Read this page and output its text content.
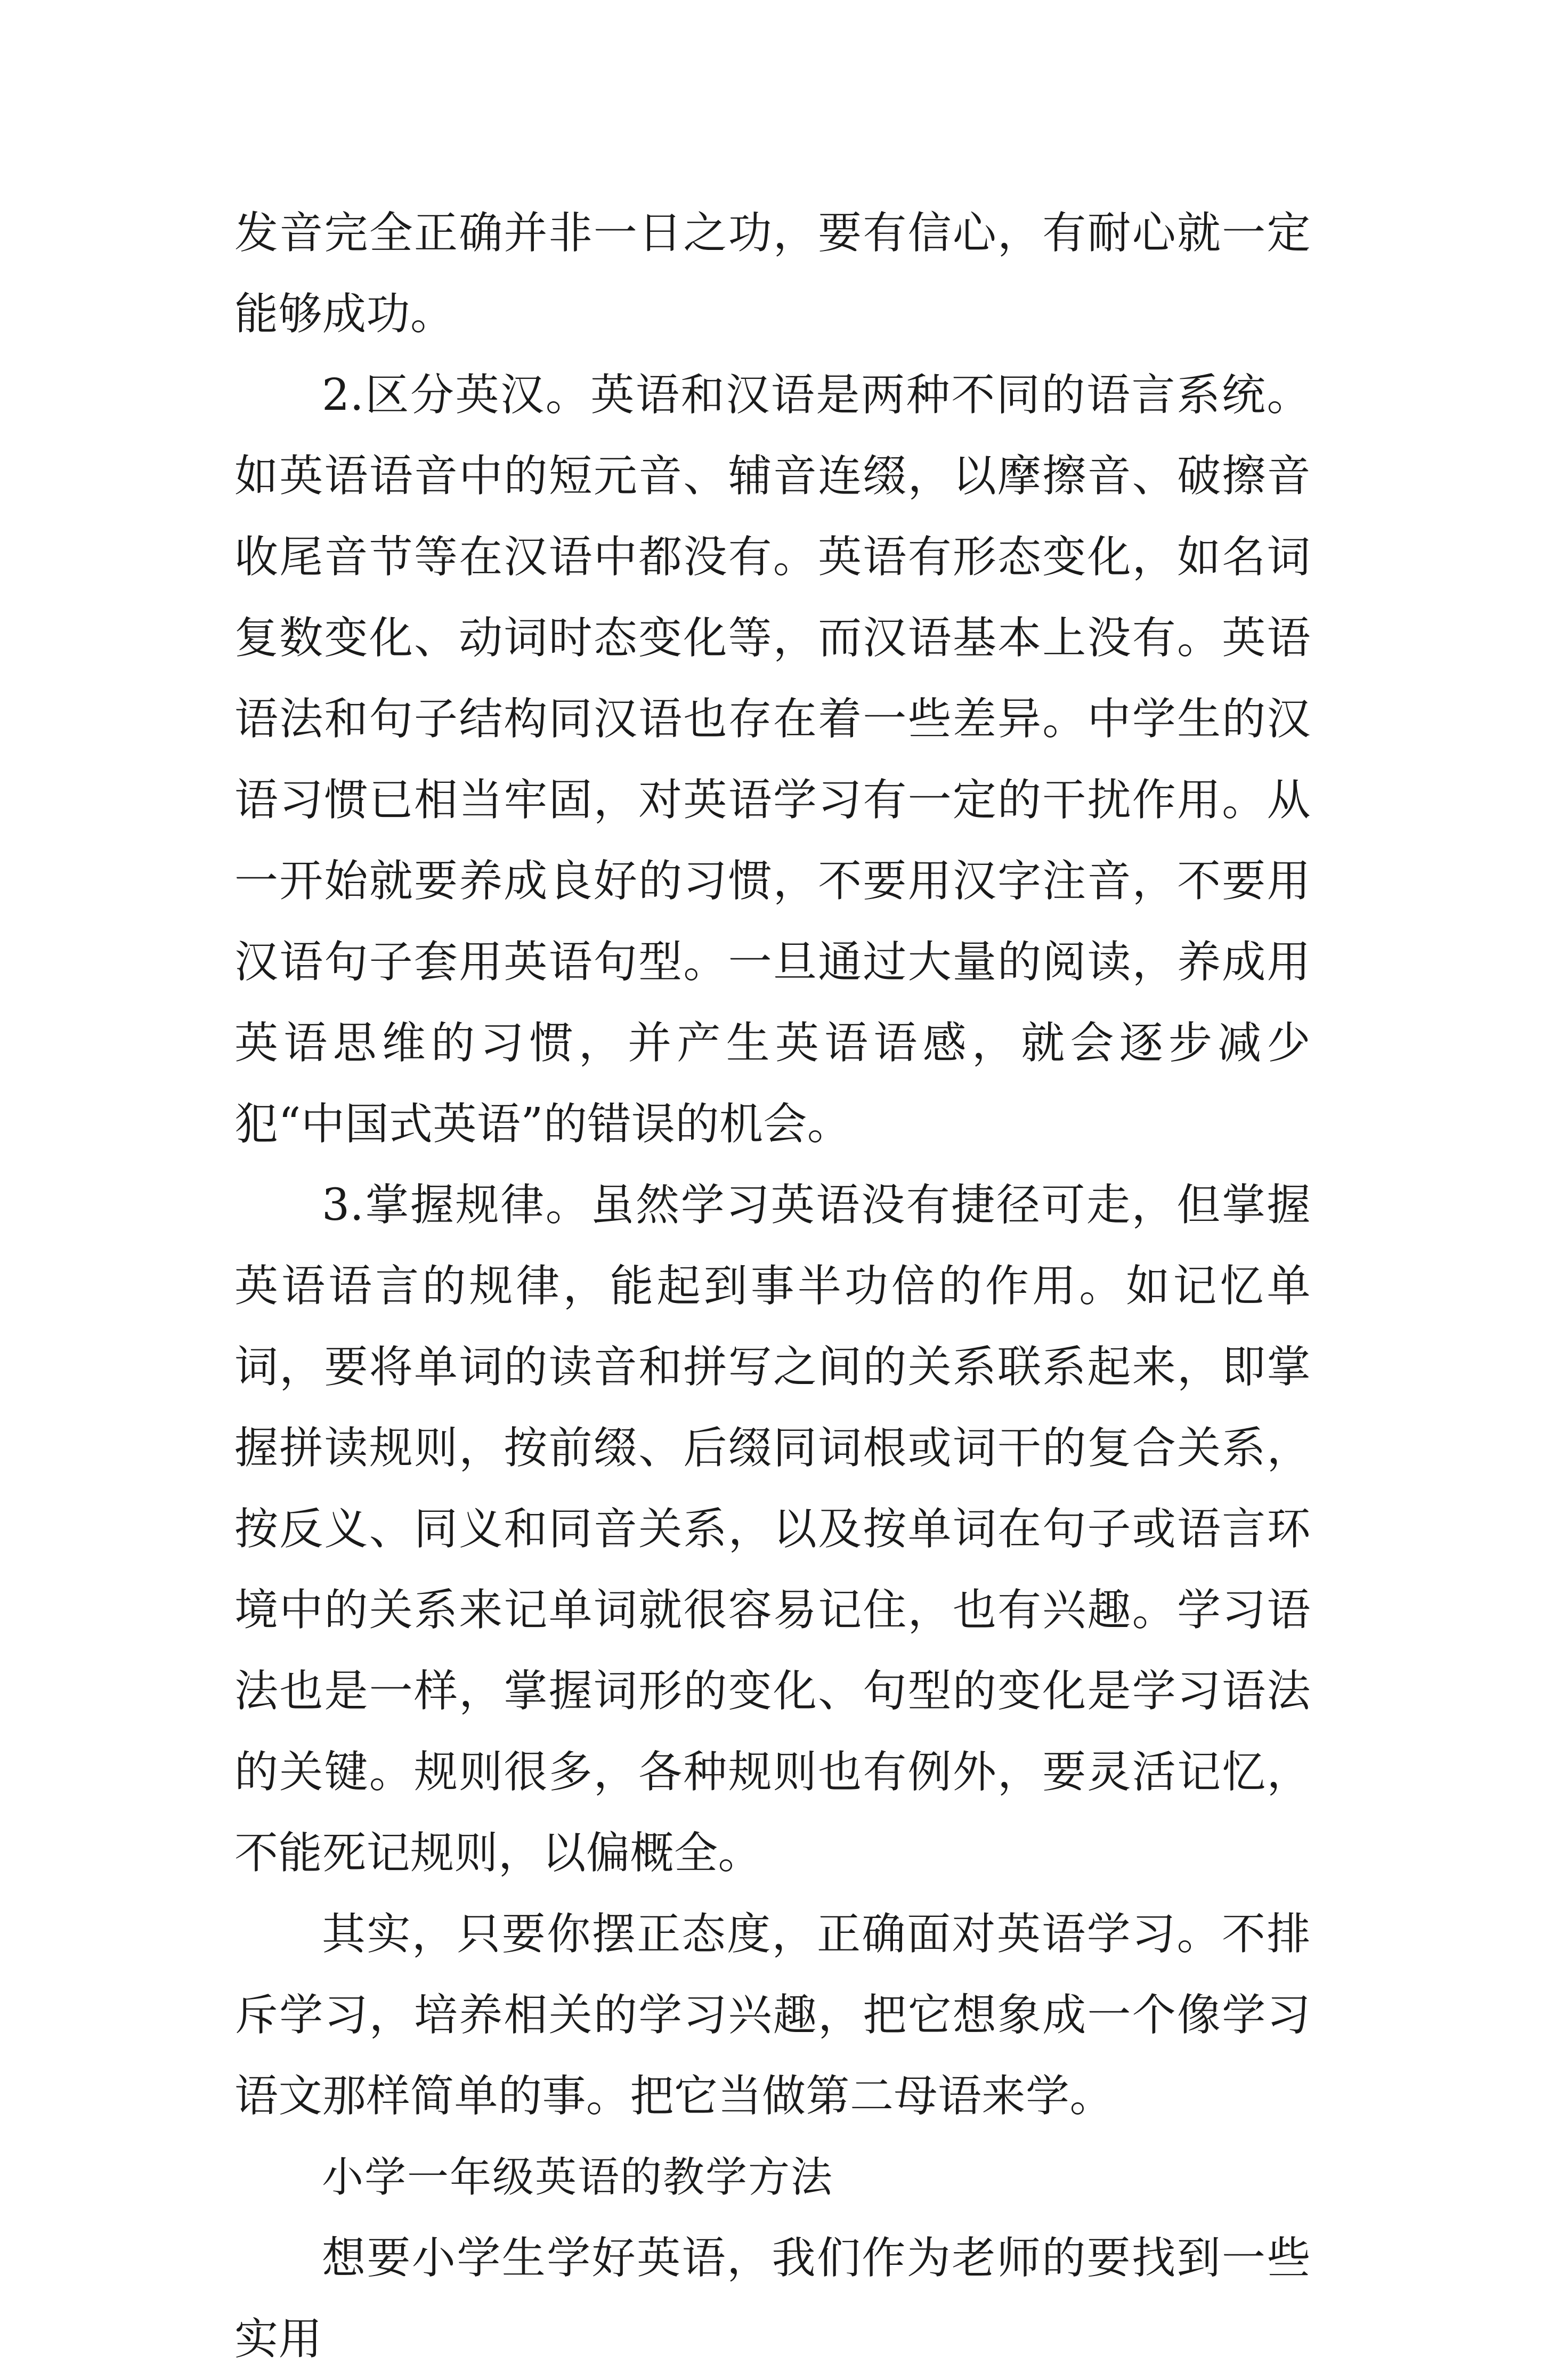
发音完全正确并非一日之功，要有信心，有耐心就一定能够成功。

2.区分英汉。英语和汉语是两种不同的语言系统。如英语语音中的短元音、辅音连缀，以摩擦音、破擦音收尾音节等在汉语中都没有。英语有形态变化，如名词复数变化、动词时态变化等，而汉语基本上没有。英语语法和句子结构同汉语也存在着一些差异。中学生的汉语习惯已相当牢固，对英语学习有一定的干扰作用。从一开始就要养成良好的习惯，不要用汉字注音，不要用汉语句子套用英语句型。一旦通过大量的阅读，养成用英语思维的习惯，并产生英语语感，就会逐步减少犯“中国式英语”的错误的机会。

3.掌握规律。虽然学习英语没有捷径可走，但掌握英语语言的规律，能起到事半功倍的作用。如记忆单词，要将单词的读音和拼写之间的关系联系起来，即掌握拼读规则，按前缀、后缀同词根或词干的复合关系，按反义、同义和同音关系，以及按单词在句子或语言环境中的关系来记单词就很容易记住，也有兴趣。学习语法也是一样，掌握词形的变化、句型的变化是学习语法的关键。规则很多，各种规则也有例外，要灵活记忆，不能死记规则，以偏概全。

其实，只要你摆正态度，正确面对英语学习。不排斥学习，培养相关的学习兴趣，把它想象成一个像学习语文那样简单的事。把它当做第二母语来学。

小学一年级英语的教学方法

想要小学生学好英语，我们作为老师的要找到一些实用
